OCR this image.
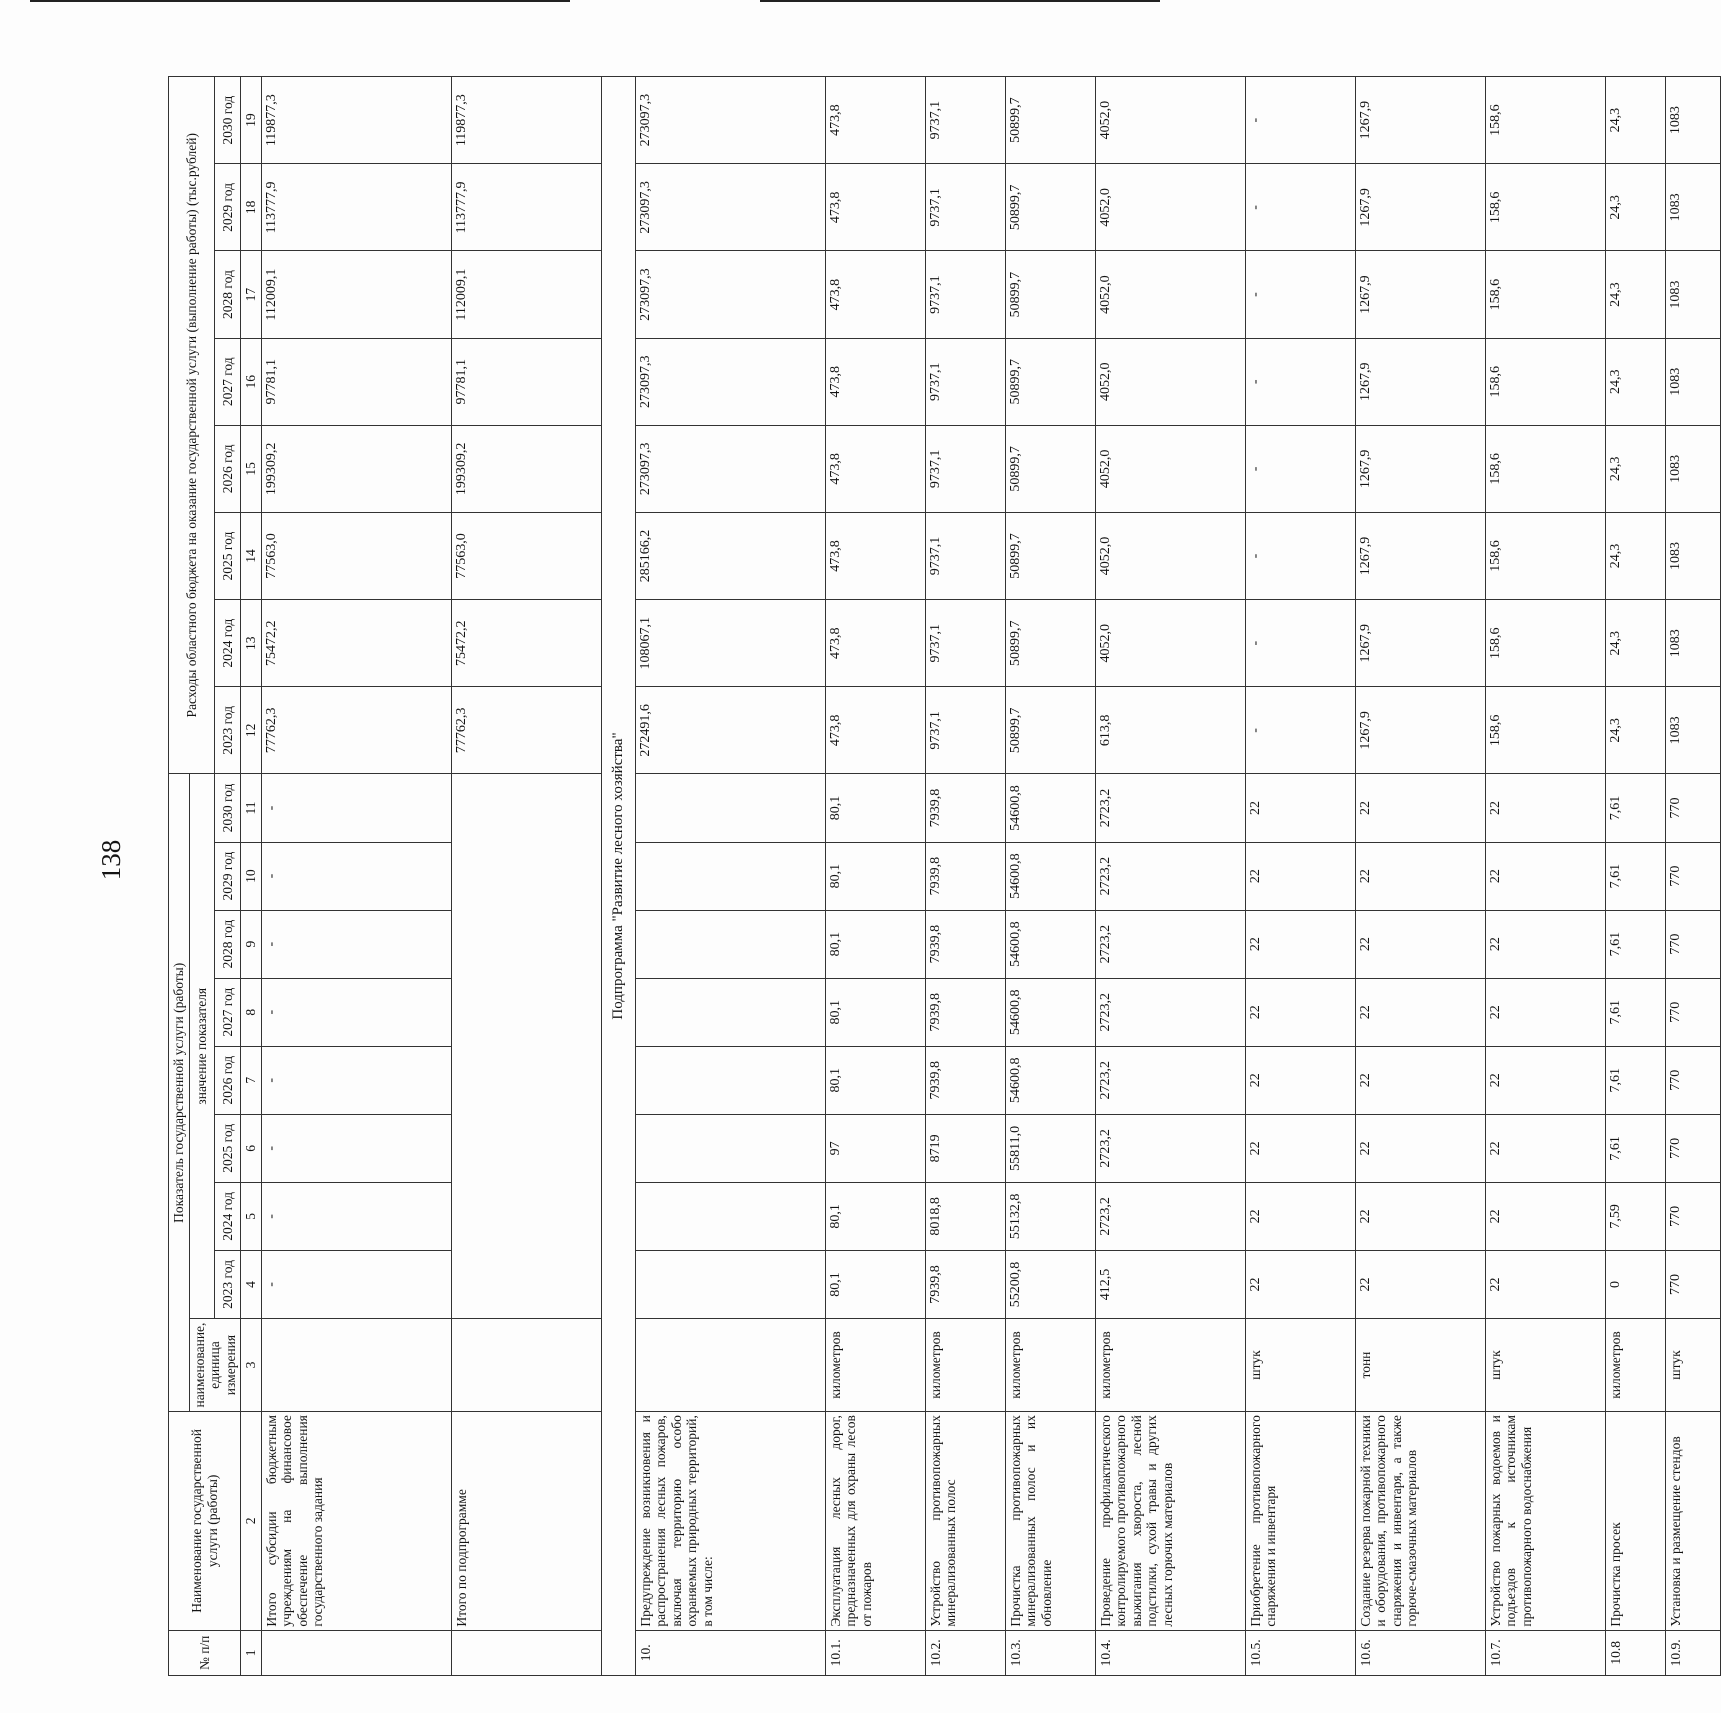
138
№ п/п	Наименование государственной услуги (работы)	Показатель государственной услуги (работы)									Расходы областного бюджета на оказание государственной услуги (выполнение работы) (тыс.рублей)							
		наименование, единица измерения	значение показателя															
			2023 год	2024 год	2025 год	2026 год	2027 год	2028 год	2029 год	2030 год	2023 год	2024 год	2025 год	2026 год	2027 год	2028 год	2029 год	2030 год
1	2	3	4	5	6	7	8	9	10	11	12	13	14	15	16	17	18	19
	Итого субсидии бюджетным учреждениям на финансовое обеспечение выполнения государственного задания		-	-	-	-	-	-	-	-	77762,3	75472,2	77563,0	199309,2	97781,1	112009,1	113777,9	119877,3
	Итого по подпрограмме										77762,3	75472,2	77563,0	199309,2	97781,1	112009,1	113777,9	119877,3
Подпрограмма "Развитие лесного хозяйства"																		
10.	Предупреждение возникновения и распространения лесных пожаров, включая территорию особо охраняемых природных территорий, в том числе:										272491,6	108067,1	285166,2	273097,3	273097,3	273097,3	273097,3	273097,3
10.1.	Эксплуатация лесных дорог, предназначенных для охраны лесов от пожаров	километров	80,1	80,1	97	80,1	80,1	80,1	80,1	80,1	473,8	473,8	473,8	473,8	473,8	473,8	473,8	473,8
10.2.	Устройство противопожарных минерализованных полос	километров	7939,8	8018,8	8719	7939,8	7939,8	7939,8	7939,8	7939,8	9737,1	9737,1	9737,1	9737,1	9737,1	9737,1	9737,1	9737,1
10.3.	Прочистка противопожарных минерализованных полос и их обновление	километров	55200,8	55132,8	55811,0	54600,8	54600,8	54600,8	54600,8	54600,8	50899,7	50899,7	50899,7	50899,7	50899,7	50899,7	50899,7	50899,7
10.4.	Проведение профилактического контролируемого противопожарного выжигания хвороста, лесной подстилки, сухой травы и других лесных горючих материалов	километров	412,5	2723,2	2723,2	2723,2	2723,2	2723,2	2723,2	2723,2	613,8	4052,0	4052,0	4052,0	4052,0	4052,0	4052,0	4052,0
10.5.	Приобретение противопожарного снаряжения и инвентаря	штук	22	22	22	22	22	22	22	22	-	-	-	-	-	-	-	-
10.6.	Создание резерва пожарной техники и оборудования, противопожарного снаряжения и инвентаря, а также горюче-смазочных материалов	тонн	22	22	22	22	22	22	22	22	1267,9	1267,9	1267,9	1267,9	1267,9	1267,9	1267,9	1267,9
10.7.	Устройство пожарных водоемов и подъездов к источникам противопожарного водоснабжения	штук	22	22	22	22	22	22	22	22	158,6	158,6	158,6	158,6	158,6	158,6	158,6	158,6
10.8	Прочистка просек	километров	0	7,59	7,61	7,61	7,61	7,61	7,61	7,61	24,3	24,3	24,3	24,3	24,3	24,3	24,3	24,3
10.9.	Установка и размещение стендов	штук	770	770	770	770	770	770	770	770	1083	1083	1083	1083	1083	1083	1083	1083
